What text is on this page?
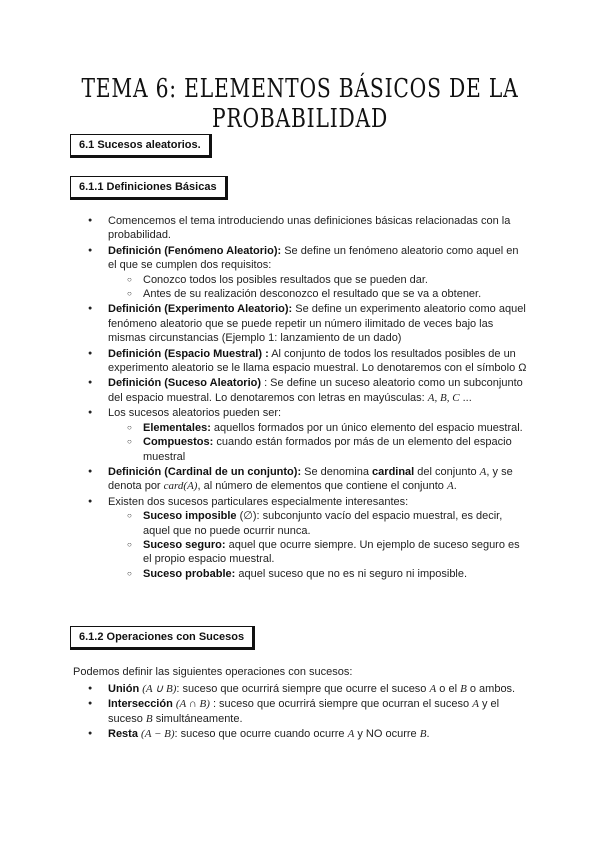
TEMA 6: ELEMENTOS BÁSICOS DE LA PROBABILIDAD
6.1 Sucesos aleatorios.
6.1.1 Definiciones Básicas
● Comencemos el tema introduciendo unas definiciones básicas relacionadas con la probabilidad.
● Definición (Fenómeno Aleatorio): Se define un fenómeno aleatorio como aquel en el que se cumplen dos requisitos:
○ Conozco todos los posibles resultados que se pueden dar.
○ Antes de su realización desconozco el resultado que se va a obtener.
● Definición (Experimento Aleatorio): Se define un experimento aleatorio como aquel fenómeno aleatorio que se puede repetir un número ilimitado de veces bajo las mismas circunstancias (Ejemplo 1: lanzamiento de un dado)
● Definición (Espacio Muestral) : Al conjunto de todos los resultados posibles de un experimento aleatorio se le llama espacio muestral. Lo denotaremos con el símbolo Ω
● Definición (Suceso Aleatorio) : Se define un suceso aleatorio como un subconjunto del espacio muestral. Lo denotaremos con letras en mayúsculas: A, B, C ...
● Los sucesos aleatorios pueden ser:
○ Elementales: aquellos formados por un único elemento del espacio muestral.
○ Compuestos: cuando están formados por más de un elemento del espacio muestral
● Definición (Cardinal de un conjunto): Se denomina cardinal del conjunto A, y se denota por card(A), al número de elementos que contiene el conjunto A.
● Existen dos sucesos particulares especialmente interesantes:
○ Suceso imposible (∅): subconjunto vacío del espacio muestral, es decir, aquel que no puede ocurrir nunca.
○ Suceso seguro: aquel que ocurre siempre. Un ejemplo de suceso seguro es el propio espacio muestral.
○ Suceso probable: aquel suceso que no es ni seguro ni imposible.
6.1.2 Operaciones con Sucesos
Podemos definir las siguientes operaciones con sucesos:
● Unión (A ∪ B): suceso que ocurrirá siempre que ocurre el suceso A o el B o ambos.
● Intersección (A ∩ B) : suceso que ocurrirá siempre que ocurran el suceso A y el suceso B simultáneamente.
● Resta (A − B): suceso que ocurre cuando ocurre A y NO ocurre B.
